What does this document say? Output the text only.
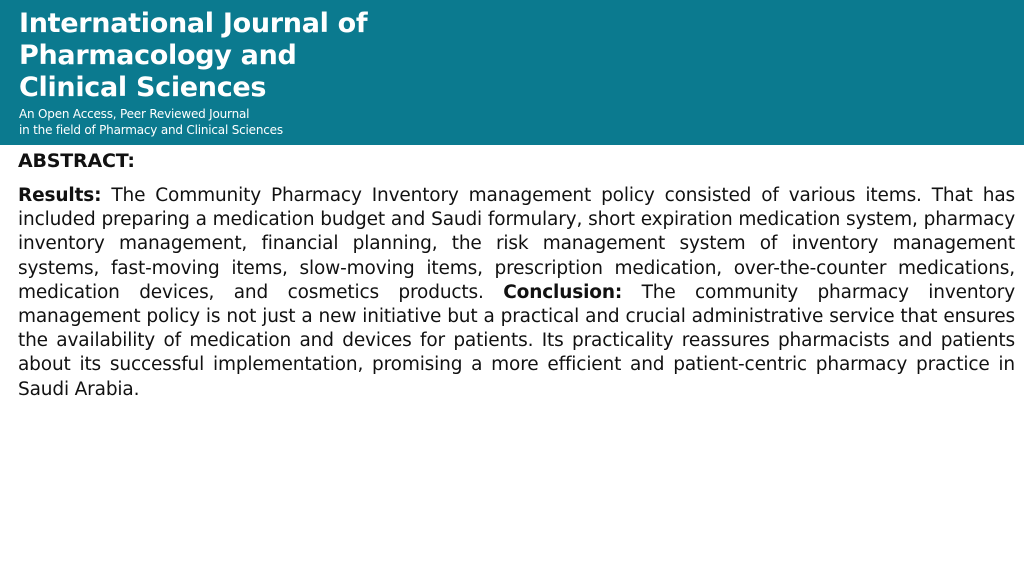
International Journal of
Pharmacology and
Clinical Sciences

An Open Access, Peer Reviewed Journal
in the field of Pharmacy and Clinical Sciences

ABSTRACT:

Results: The Community Pharmacy Inventory management policy consisted of various items. That has included preparing a medication budget and Saudi formulary, short expiration medication system, pharmacy inventory management, financial planning, the risk management system of inventory management systems, fast-moving items, slow-moving items, prescription medication, over-the-counter medications, medication devices, and cosmetics products. Conclusion: The community pharmacy inventory management policy is not just a new initiative but a practical and crucial administrative service that ensures the availability of medication and devices for patients. Its practicality reassures pharmacists and patients about its successful implementation, promising a more efficient and patient-centric pharmacy practice in Saudi Arabia.
